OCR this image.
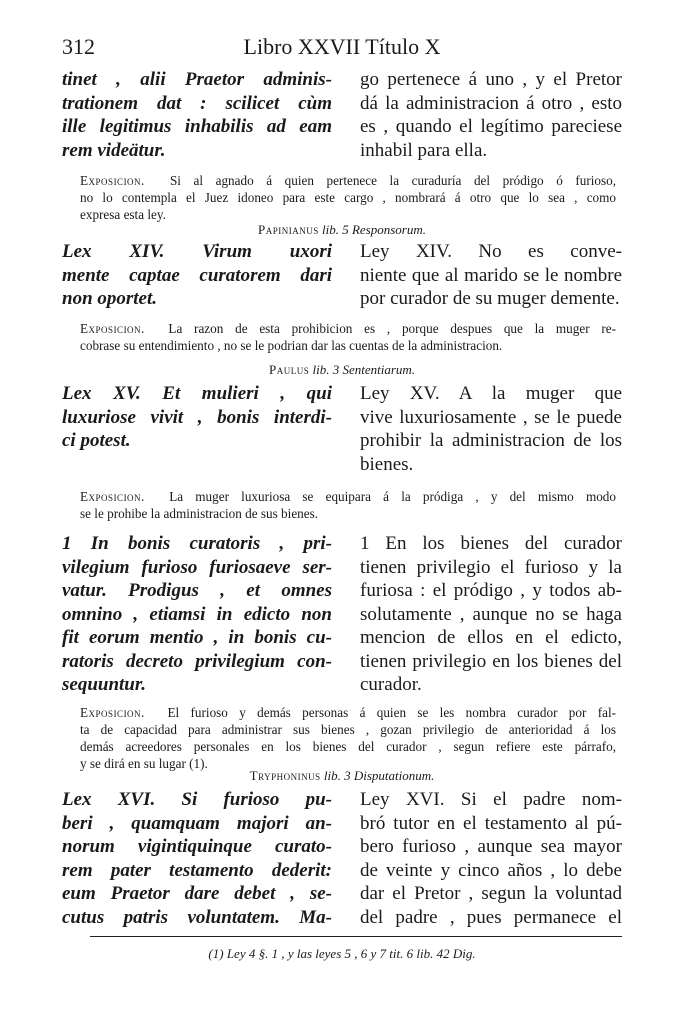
312	Libro XXVII Título X
tinet , alii Praetor adminis-
trationem dat : scilicet cùm
ille legitimus inhabilis ad eam
rem videätur.
go pertenece á uno , y el Pretor
dá la administracion á otro , esto
es , quando el legítimo pareciese
inhabil para ella.
Exposicion. Si al agnado á quien pertenece la curaduría del pródigo ó furioso,
no lo contempla el Juez idoneo para este cargo , nombrará á otro que lo sea , como
expresa esta ley.
Papinianus lib. 5 Responsorum.
Lex XIV. Virum uxori
mente captae curatorem dari
non oportet.
Ley XIV. No es conve-
niente que al marido se le nombre
por curador de su muger demente.
Exposicion. La razon de esta prohibicion es , porque despues que la muger re-
cobrase su entendimiento , no se le podrian dar las cuentas de la administracion.
Paulus lib. 3 Sententiarum.
Lex XV. Et mulieri , qui
luxuriose vivit , bonis interdi-
ci potest.
Ley XV. A la muger que
vive luxuriosamente , se le puede
prohibir la administracion de los
bienes.
Exposicion. La muger luxuriosa se equipara á la pródiga , y del mismo modo
se le prohibe la administracion de sus bienes.
1 In bonis curatoris , pri-
vilegium furioso furiosaeve ser-
vatur. Prodigus , et omnes
omnino , etiamsi in edicto non
fit eorum mentio , in bonis cu-
ratoris decreto privilegium con-
sequuntur.
1 En los bienes del curador
tienen privilegio el furioso y la
furiosa : el pródigo , y todos ab-
solutamente , aunque no se haga
mencion de ellos en el edicto,
tienen privilegio en los bienes del
curador.
Exposicion. El furioso y demás personas á quien se les nombra curador por fal-
ta de capacidad para administrar sus bienes , gozan privilegio de anterioridad á los
demás acreedores personales en los bienes del curador , segun refiere este párrafo,
y se dirá en su lugar (1).
Tryphoninus lib. 3 Disputationum.
Lex XVI. Si furioso pu-
beri , quamquam majori an-
norum vigintiquinque curato-
rem pater testamento dederit:
eum Praetor dare debet , se-
cutus patris voluntatem. Ma-
Ley XVI. Si el padre nom-
bró tutor en el testamento al pú-
bero furioso , aunque sea mayor
de veinte y cinco años , lo debe
dar el Pretor , segun la voluntad
del padre , pues permanece el
(1) Ley 4 §. 1 , y las leyes 5 , 6 y 7 tit. 6 lib. 42 Dig.
